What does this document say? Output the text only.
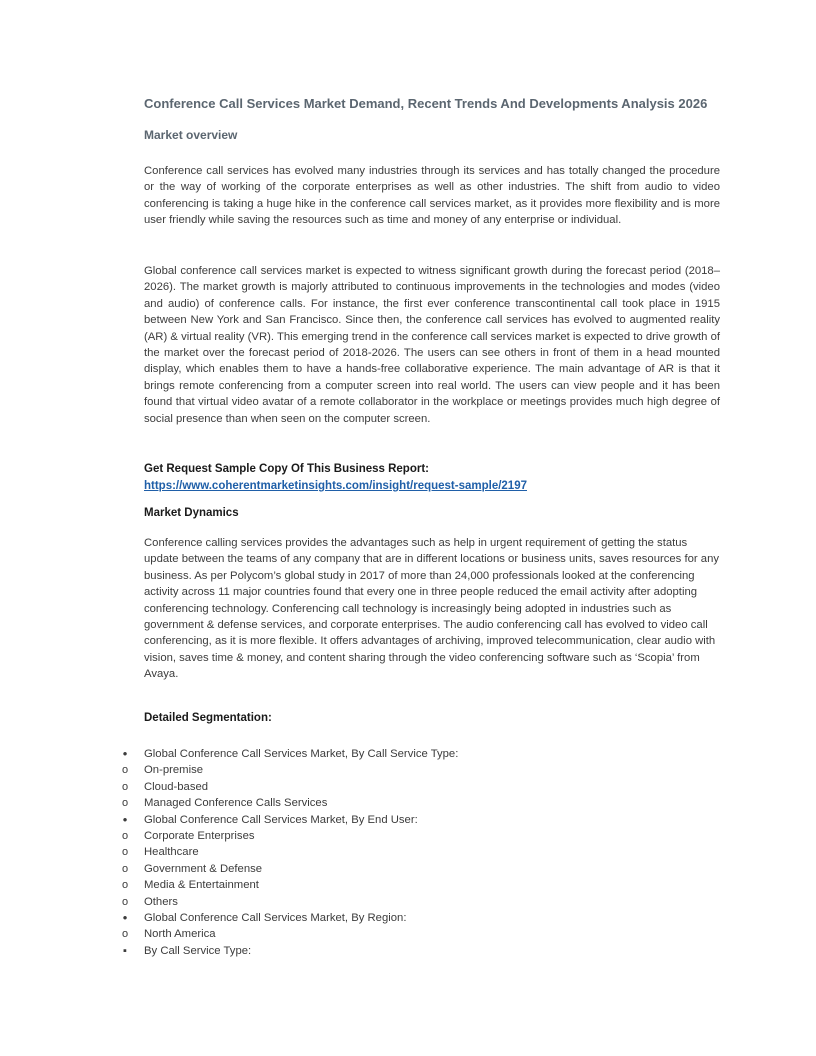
Conference Call Services Market Demand, Recent Trends And Developments Analysis 2026
Market overview

Conference call services has evolved many industries through its services and has totally changed the procedure or the way of working of the corporate enterprises as well as other industries. The shift from audio to video conferencing is taking a huge hike in the conference call services market, as it provides more flexibility and is more user friendly while saving the resources such as time and money of any enterprise or individual.

Global conference call services market is expected to witness significant growth during the forecast period (2018–2026). The market growth is majorly attributed to continuous improvements in the technologies and modes (video and audio) of conference calls. For instance, the first ever conference transcontinental call took place in 1915 between New York and San Francisco. Since then, the conference call services has evolved to augmented reality (AR) & virtual reality (VR). This emerging trend in the conference call services market is expected to drive growth of the market over the forecast period of 2018-2026. The users can see others in front of them in a head mounted display, which enables them to have a hands-free collaborative experience. The main advantage of AR is that it brings remote conferencing from a computer screen into real world. The users can view people and it has been found that virtual video avatar of a remote collaborator in the workplace or meetings provides much high degree of social presence than when seen on the computer screen.

Get Request Sample Copy Of This Business Report:
https://www.coherentmarketinsights.com/insight/request-sample/2197
Market Dynamics

Conference calling services provides the advantages such as help in urgent requirement of getting the status update between the teams of any company that are in different locations or business units, saves resources for any business. As per Polycom’s global study in 2017 of more than 24,000 professionals looked at the conferencing activity across 11 major countries found that every one in three people reduced the email activity after adopting conferencing technology. Conferencing call technology is increasingly being adopted in industries such as government & defense services, and corporate enterprises. The audio conferencing call has evolved to video call conferencing, as it is more flexible. It offers advantages of archiving, improved telecommunication, clear audio with vision, saves time & money, and content sharing through the video conferencing software such as ‘Scopia’ from Avaya.

Detailed Segmentation:
•
Global Conference Call Services Market, By Call Service Type:
o
On-premise
o
Cloud-based
o
Managed Conference Calls Services
•
Global Conference Call Services Market, By End User:
o
Corporate Enterprises
o
Healthcare
o
Government & Defense
o
Media & Entertainment
o
Others
•
Global Conference Call Services Market, By Region:
o
North America
▪
By Call Service Type:
